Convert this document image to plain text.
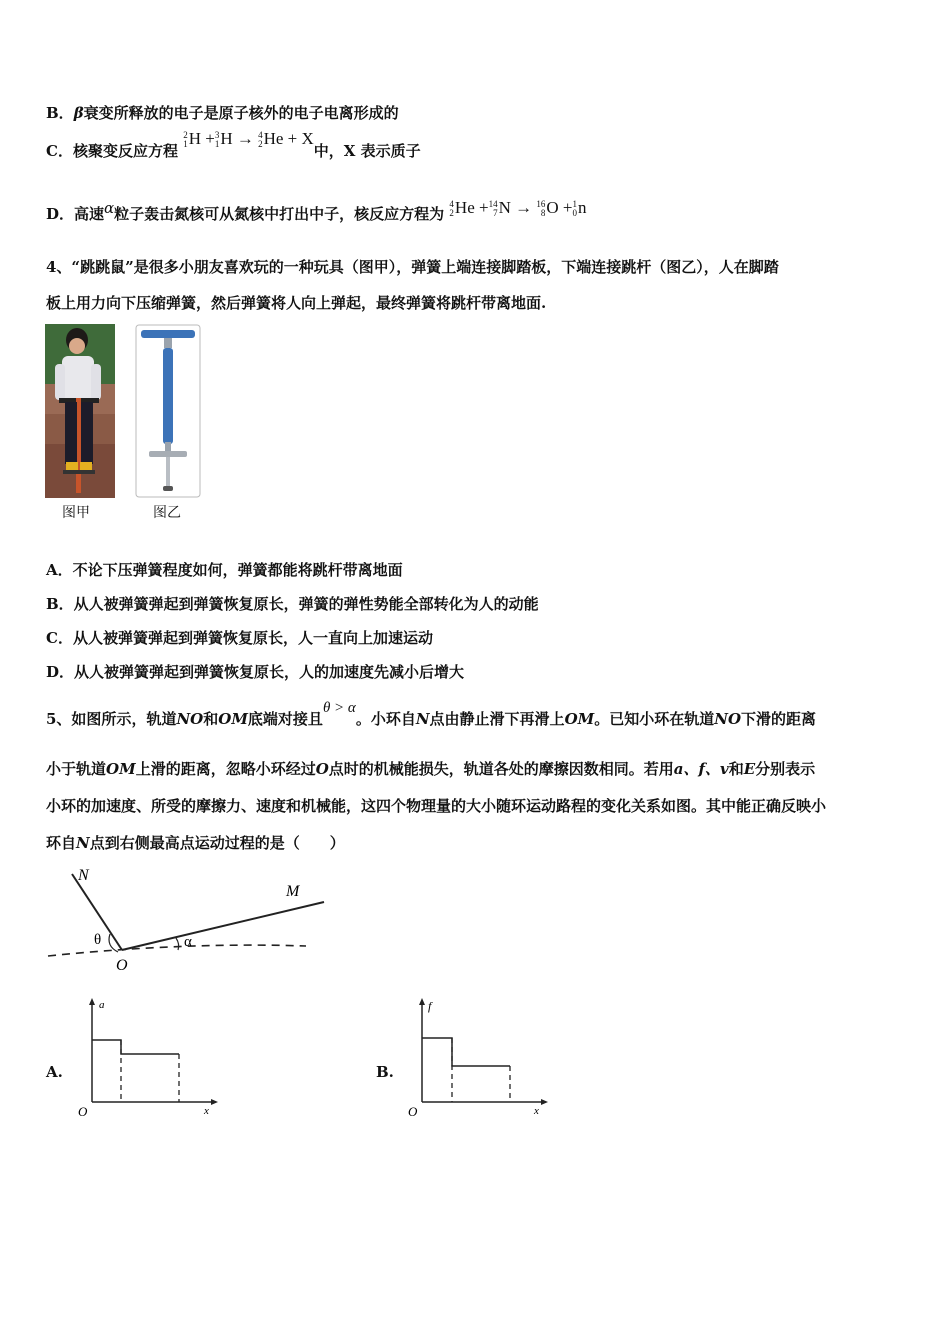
B．β衰变所释放的电子是原子核外的电子电离形成的
C．核聚变反应方程
2
1 H + 3
1 H → 4
2 He + X中，X 表示质子
D．高速α粒子轰击氮核可从氮核中打出中子，核反应方程为
4
2 He + 14
7 N → 16
8 O + 1
0 n
4、“跳跳鼠”是很多小朋友喜欢玩的一种玩具（图甲），弹簧上端连接脚踏板，下端连接跳杆（图乙），人在脚踏
板上用力向下压缩弹簧，然后弹簧将人向上弹起，最终弹簧将跳杆带离地面.
图甲	图乙
A．不论下压弹簧程度如何，弹簧都能将跳杆带离地面
B．从人被弹簧弹起到弹簧恢复原长，弹簧的弹性势能全部转化为人的动能
C．从人被弹簧弹起到弹簧恢复原长，人一直向上加速运动
D．从人被弹簧弹起到弹簧恢复原长，人的加速度先减小后增大
5、如图所示，轨道NO和OM底端对接且θ > α。小环自N点由静止滑下再滑上OM。已知小环在轨道NO下滑的距离
小于轨道OM上滑的距离，忽略小环经过O点时的机械能损失，轨道各处的摩擦因数相同。若用a、f、v和E分别表示
小环的加速度、所受的摩擦力、速度和机械能，这四个物理量的大小随环运动路程的变化关系如图。其中能正确反映小
环自N点到右侧最高点运动过程的是（　　）
N
M
O
θ	α
A.
a
x
O
B.
f
x
O
